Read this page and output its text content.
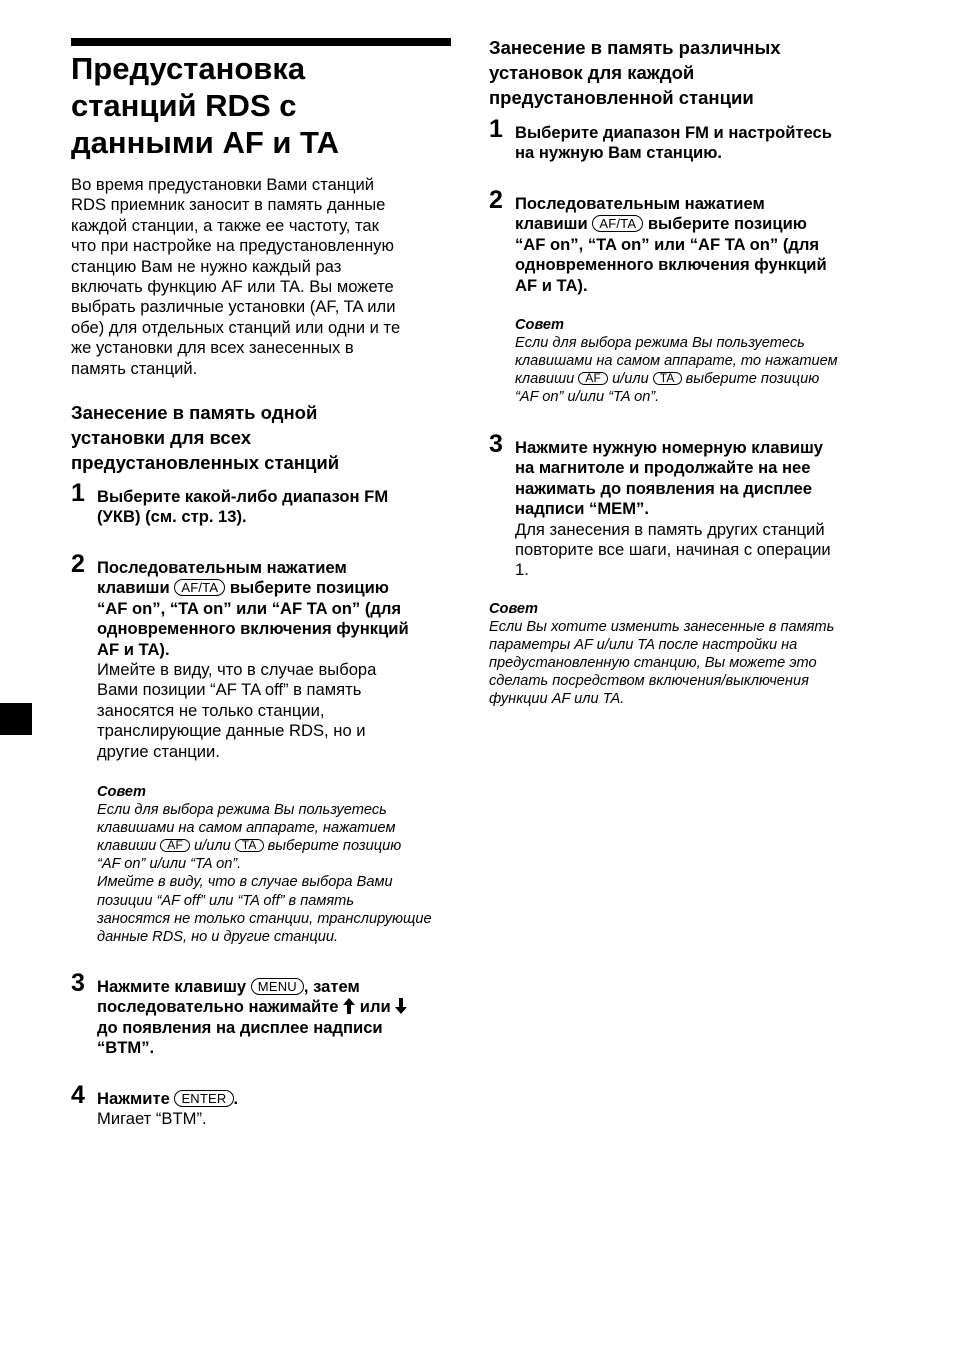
Предустановка
станций RDS с
данными AF и TA
Во время предустановки Вами станций
RDS приемник заносит в память данные
каждой станции, а также ее частоту, так
что при настройке на предустановленную
станцию Вам не нужно каждый раз
включать функцию AF или TA. Вы можете
выбрать различные установки (AF, TA или
обе) для отдельных станций или одни и те
же установки для всех занесенных в
память станций.
Занесение в память одной
установки для всех
предустановленных станций
1 Выберите какой-либо диапазон FM
(УКВ) (см. стр. 13).
2 Последовательным нажатием
клавиши AF/TA выберите позицию
“AF on”, “TA on” или “AF TA on” (для
одновременного включения функций
AF и TA).
Имейте в виду, что в случае выбора
Вами позиции “AF TA off” в память
заносятся не только станции,
транслирующие данные RDS, но и
другие станции.
Совет
Если для выбора режима Вы пользуетесь
клавишами на самом аппарате, нажатием
клавиши AF и/или TA выберите позицию
“AF on” и/или “TA on”.
Имейте в виду, что в случае выбора Вами
позиции “AF off” или “TA off” в память
заносятся не только станции, транслирующие
данные RDS, но и другие станции.
3 Нажмите клавишу MENU , затем
последовательно нажимайте или
до появления на дисплее надписи
“BTM”.
4 Нажмите ENTER .
Мигает “BTM”.
Занесение в память различных
установок для каждой
предустановленной станции
1 Выберите диапазон FM и настройтесь
на нужную Вам станцию.
2 Последовательным нажатием
клавиши AF/TA выберите позицию
“AF on”, “TA on” или “AF TA on” (для
одновременного включения функций
AF и TA).
Совет
Если для выбора режима Вы пользуетесь
клавишами на самом аппарате, то нажатием
клавиши AF и/или TA выберите позицию
“AF on” и/или “TA on”.
3 Нажмите нужную номерную клавишу
на магнитоле и продолжайте на нее
нажимать до появления на дисплее
надписи “MEM”.
Для занесения в память других станций
повторите все шаги, начиная с операции
1.
Совет
Если Вы хотите изменить занесенные в память
параметры AF и/или TA после настройки на
предустановленную станцию, Вы можете это
сделать посредством включения/выключения
функции AF или TA.
